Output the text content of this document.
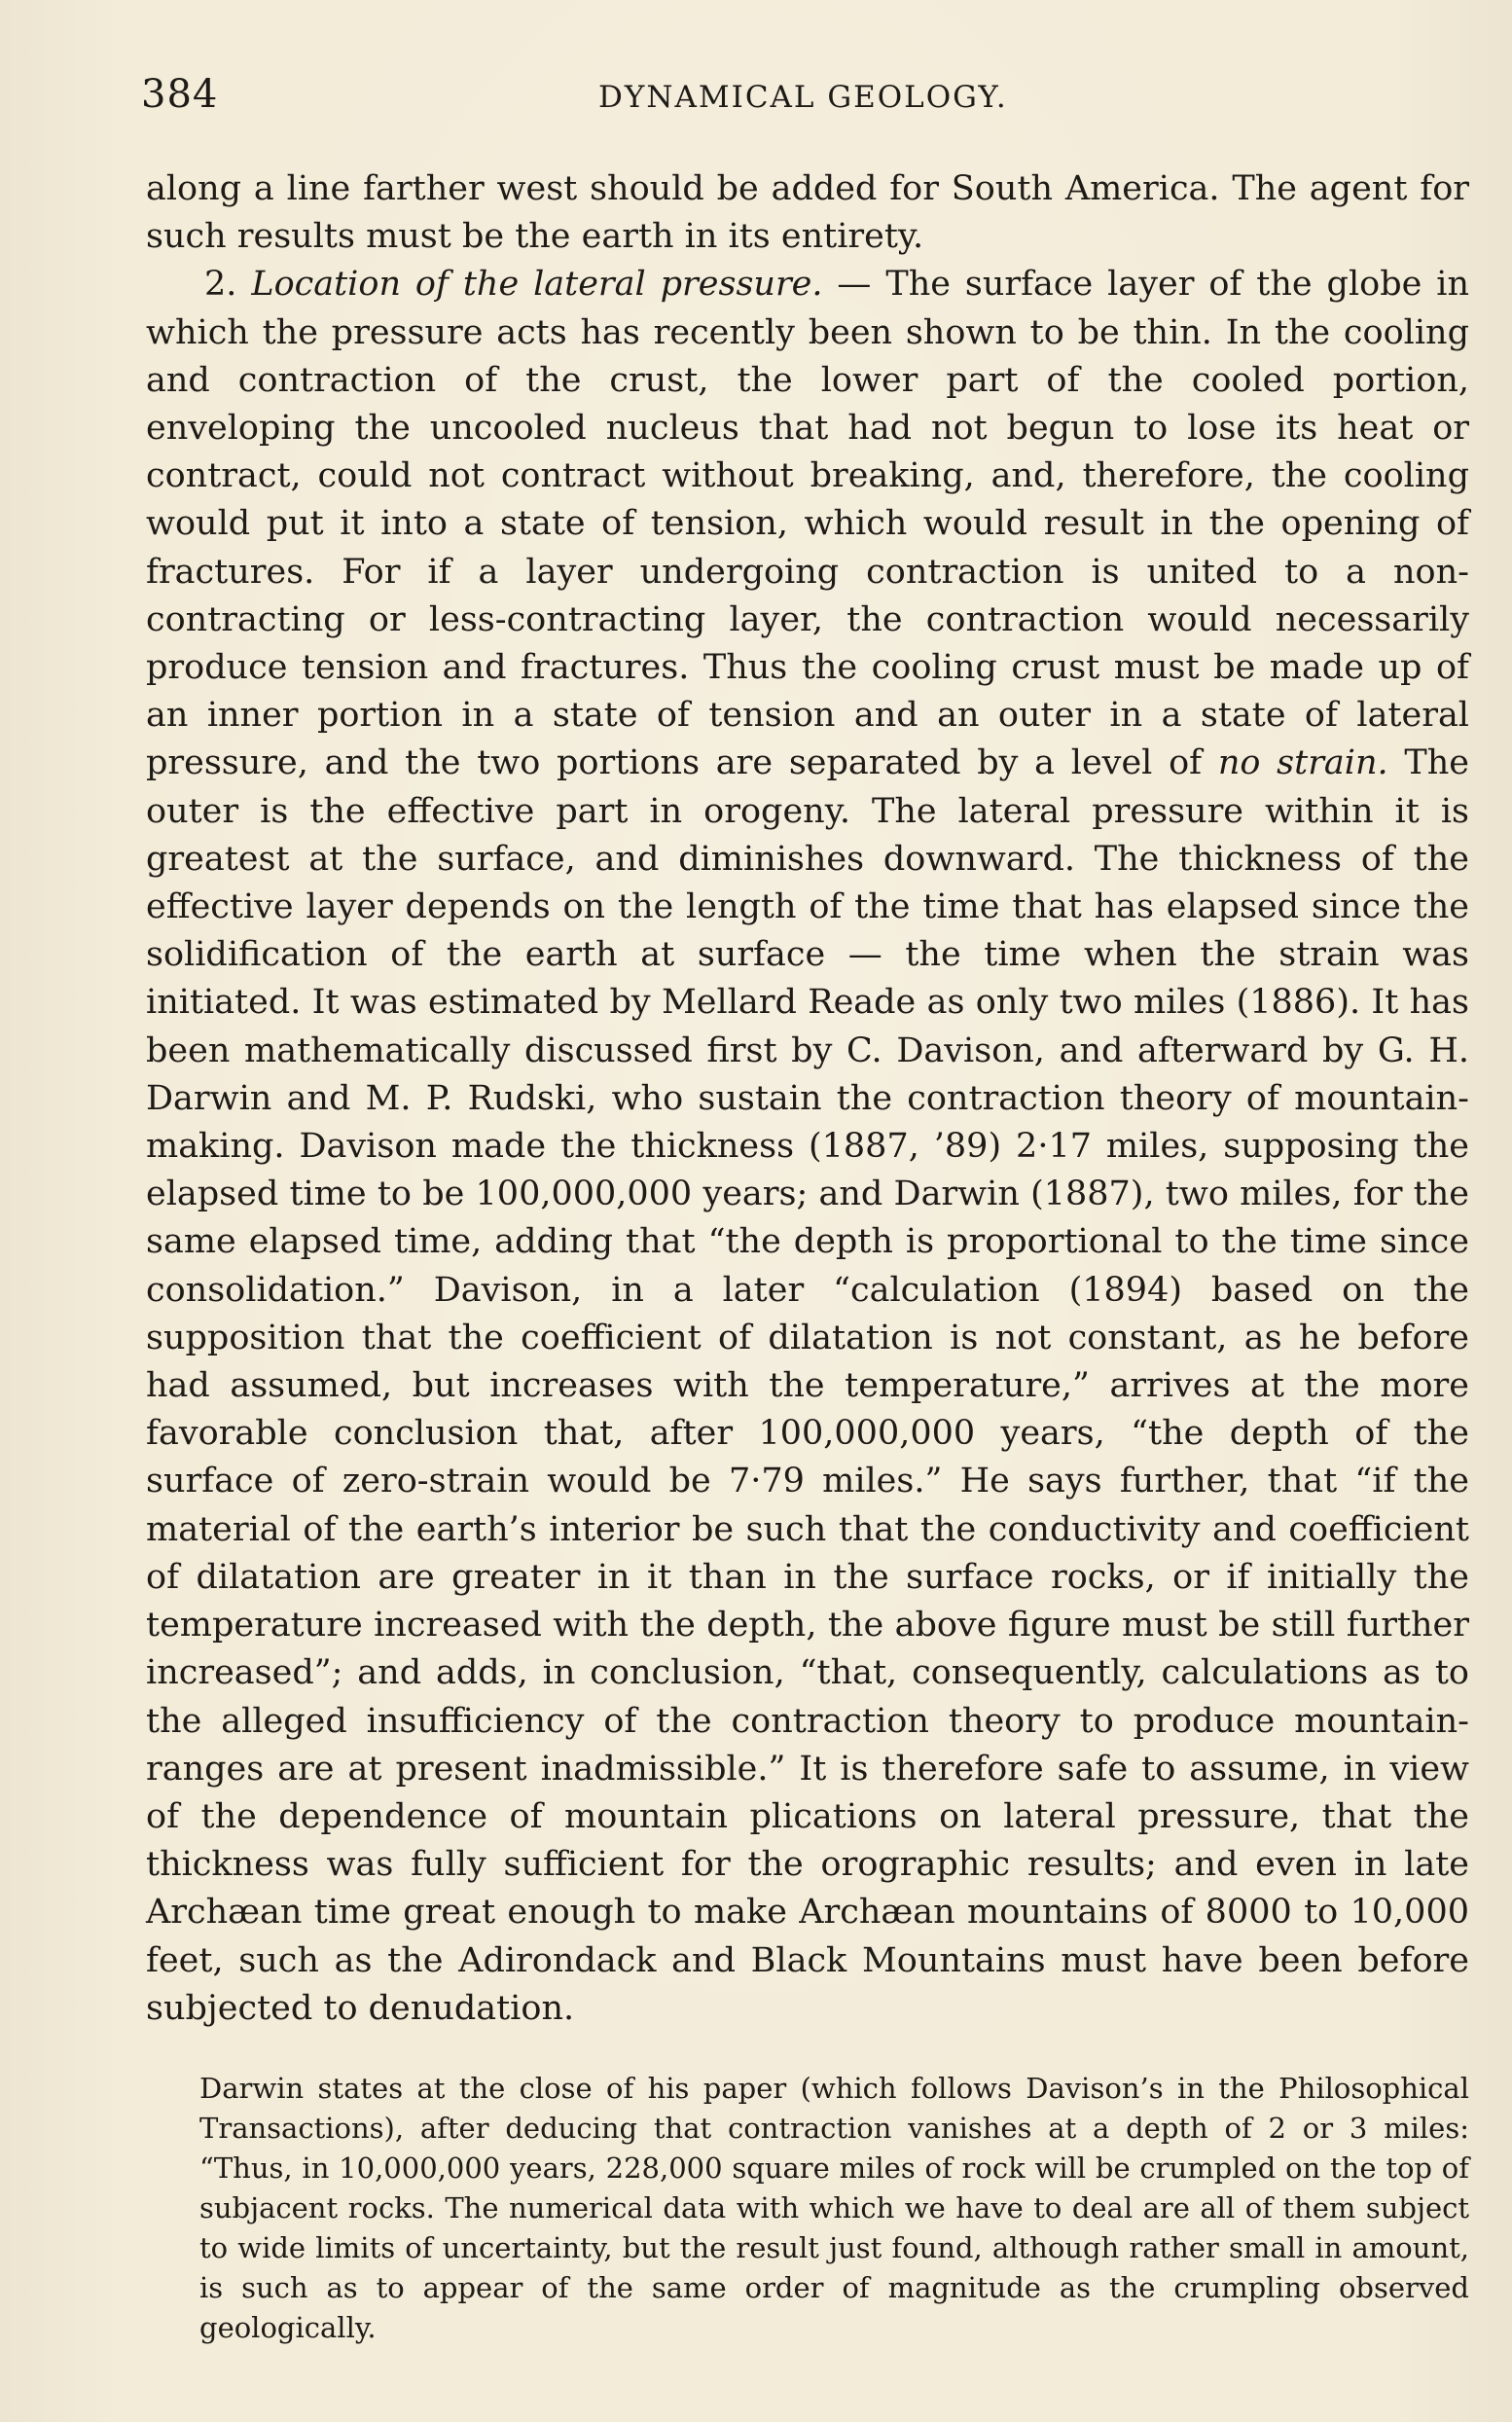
384	DYNAMICAL GEOLOGY.

along a line farther west should be added for South America. The agent for such results must be the earth in its entirety.

2. Location of the lateral pressure. — The surface layer of the globe in which the pressure acts has recently been shown to be thin. In the cooling and contraction of the crust, the lower part of the cooled portion, enveloping the uncooled nucleus that had not begun to lose its heat or contract, could not contract without breaking, and, therefore, the cooling would put it into a state of tension, which would result in the opening of fractures. For if a layer undergoing contraction is united to a non-contracting or less-contracting layer, the contraction would necessarily produce tension and fractures. Thus the cooling crust must be made up of an inner portion in a state of tension and an outer in a state of lateral pressure, and the two portions are separated by a level of no strain. The outer is the effective part in orogeny. The lateral pressure within it is greatest at the surface, and diminishes downward. The thickness of the effective layer depends on the length of the time that has elapsed since the solidification of the earth at surface — the time when the strain was initiated. It was estimated by Mellard Reade as only two miles (1886). It has been mathematically discussed first by C. Davison, and afterward by G. H. Darwin and M. P. Rudski, who sustain the contraction theory of mountain-making. Davison made the thickness (1887, ’89) 2·17 miles, supposing the elapsed time to be 100,000,000 years; and Darwin (1887), two miles, for the same elapsed time, adding that “the depth is proportional to the time since consolidation.” Davison, in a later “calculation (1894) based on the supposition that the coefficient of dilatation is not constant, as he before had assumed, but increases with the temperature,” arrives at the more favorable conclusion that, after 100,000,000 years, “the depth of the surface of zero-strain would be 7·79 miles.” He says further, that “if the material of the earth’s interior be such that the conductivity and coefficient of dilatation are greater in it than in the surface rocks, or if initially the temperature increased with the depth, the above figure must be still further increased”; and adds, in conclusion, “that, consequently, calculations as to the alleged insufficiency of the contraction theory to produce mountain-ranges are at present inadmissible.” It is therefore safe to assume, in view of the dependence of mountain plications on lateral pressure, that the thickness was fully sufficient for the orographic results; and even in late Archæan time great enough to make Archæan mountains of 8000 to 10,000 feet, such as the Adirondack and Black Mountains must have been before subjected to denudation.

Darwin states at the close of his paper (which follows Davison’s in the Philosophical Transactions), after deducing that contraction vanishes at a depth of 2 or 3 miles: “Thus, in 10,000,000 years, 228,000 square miles of rock will be crumpled on the top of subjacent rocks. The numerical data with which we have to deal are all of them subject to wide limits of uncertainty, but the result just found, although rather small in amount, is such as to appear of the same order of magnitude as the crumpling observed geologically.
